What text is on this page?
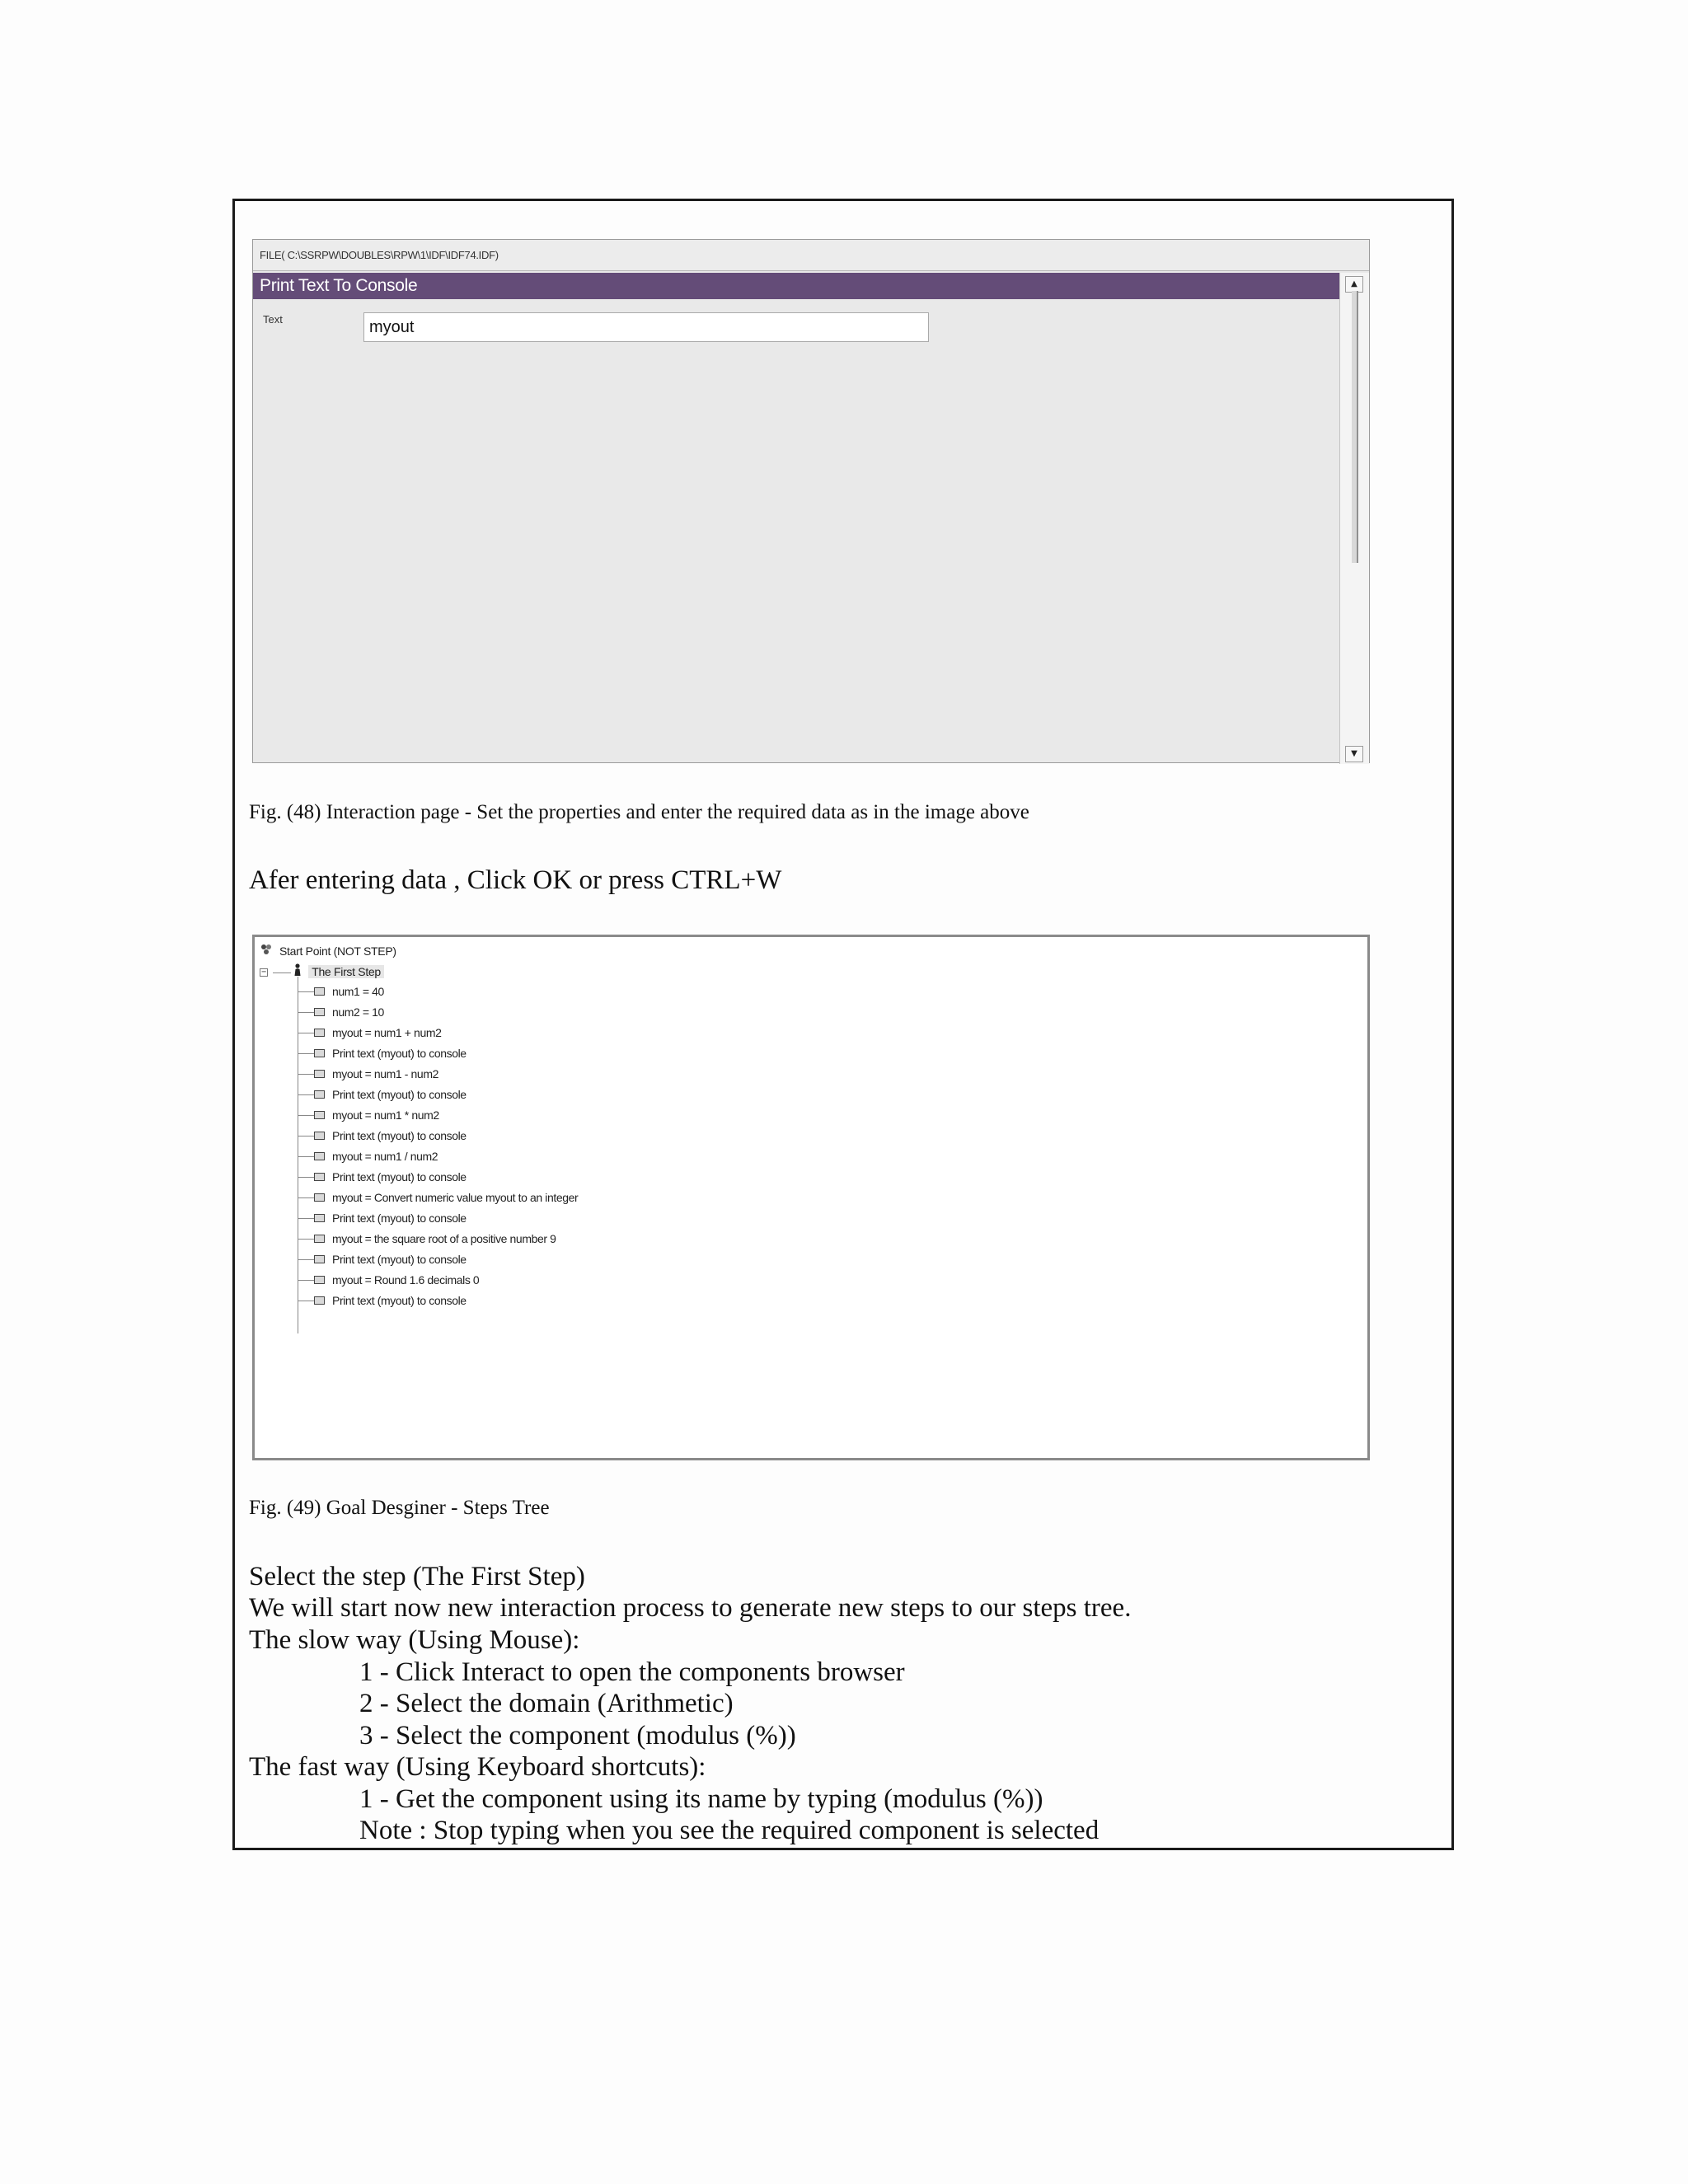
FILE( C:\SSRPW\DOUBLES\RPW\1\IDF\IDF74.IDF)
Print Text To Console
Text
myout
▲
▼
Fig. (48) Interaction page - Set the properties and enter the required data as in the image above
Afer entering data , Click OK or press CTRL+W
Start Point (NOT STEP)
−	The First Step
num1 = 40
num2 = 10
myout = num1 + num2
Print text (myout) to console
myout = num1 - num2
Print text (myout) to console
myout = num1 * num2
Print text (myout) to console
myout = num1 / num2
Print text (myout) to console
myout = Convert numeric value myout to an integer
Print text (myout) to console
myout = the square root of a positive number 9
Print text (myout) to console
myout = Round 1.6 decimals 0
Print text (myout) to console
Fig. (49) Goal Desginer - Steps Tree
Select the step (The First Step)
We will start now new interaction process to generate new steps to our steps tree.
The slow way (Using Mouse):
1 - Click Interact to open the components browser
2 - Select the domain (Arithmetic)
3 - Select the component (modulus (%))
The fast way (Using Keyboard shortcuts):
1 - Get the component using its name by typing (modulus (%))
Note : Stop typing when you see the required component is selected
